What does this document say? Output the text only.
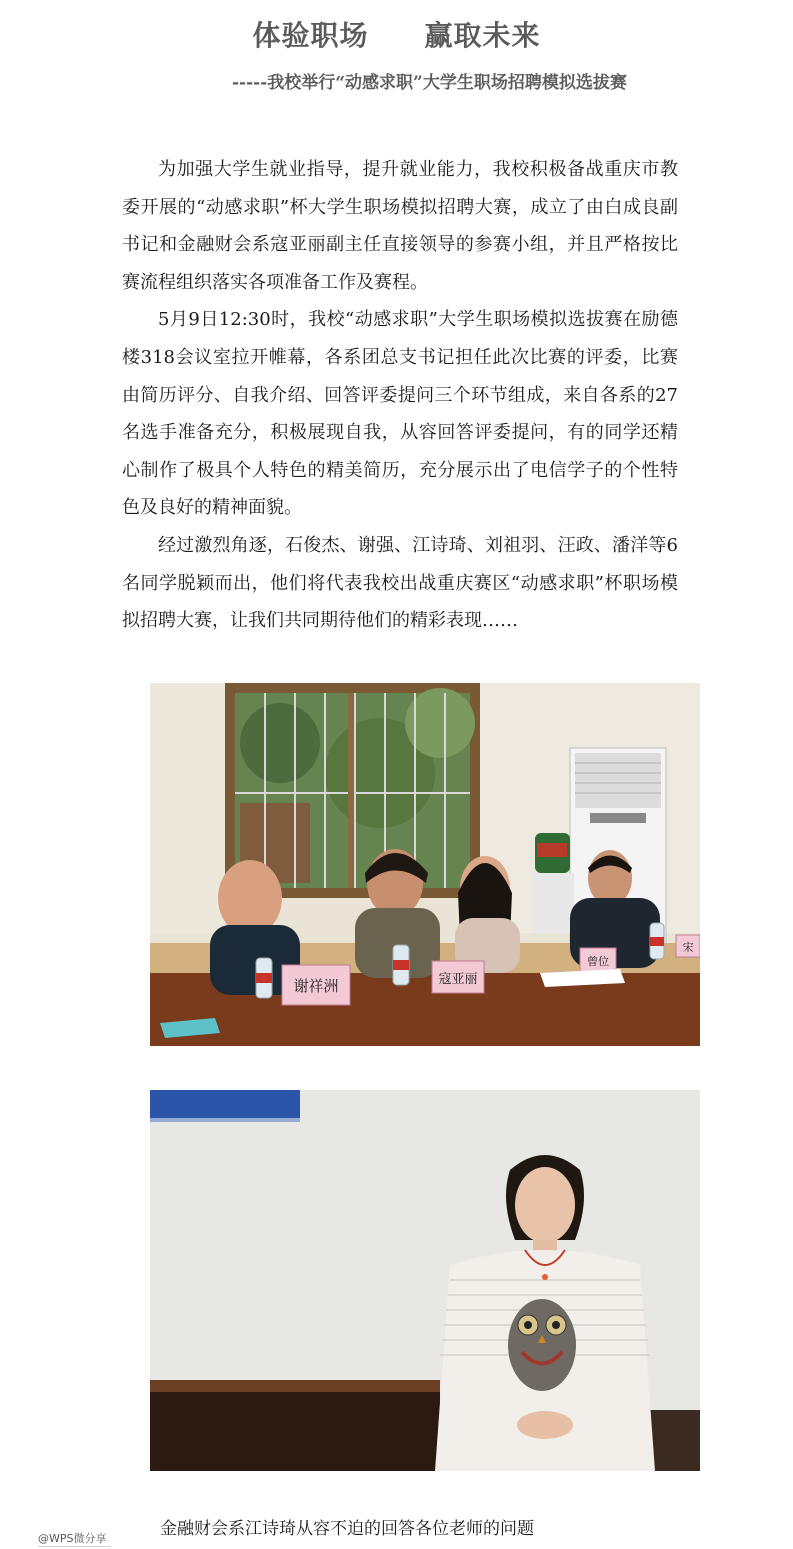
体验职场 赢取未来
-----我校举行“动感求职”大学生职场招聘模拟选拔赛

为加强大学生就业指导，提升就业能力，我校积极备战重庆市教委开展的“动感求职”杯大学生职场模拟招聘大赛，成立了由白成良副书记和金融财会系寇亚丽副主任直接领导的参赛小组，并且严格按比赛流程组织落实各项准备工作及赛程。

5月9日12:30时，我校“动感求职”大学生职场模拟选拔赛在励德楼318会议室拉开帷幕，各系团总支书记担任此次比赛的评委，比赛由简历评分、自我介绍、回答评委提问三个环节组成，来自各系的27名选手准备充分，积极展现自我，从容回答评委提问，有的同学还精心制作了极具个人特色的精美简历，充分展示出了电信学子的个性特色及良好的精神面貌。

经过激烈角逐，石俊杰、谢强、江诗琦、刘祖羽、汪政、潘洋等6名同学脱颖而出，他们将代表我校出战重庆赛区“动感求职”杯职场模拟招聘大赛，让我们共同期待他们的精彩表现……

谢祥洲	寇亚丽
曾位
宋
金融财会系江诗琦从容不迫的回答各位老师的问题
@WPS微分享
